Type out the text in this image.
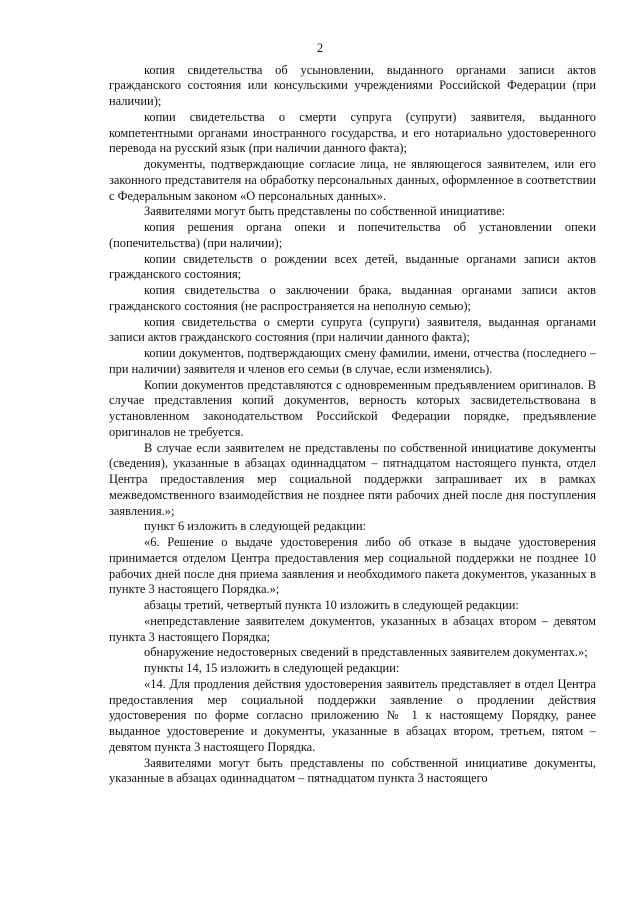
2

копия свидетельства об усыновлении, выданного органами записи актов гражданского состояния или консульскими учреждениями Российской Федерации (при наличии);

копии свидетельства о смерти супруга (супруги) заявителя, выданного компетентными органами иностранного государства, и его нотариально удостоверенного перевода на русский язык (при наличии данного факта);

документы, подтверждающие согласие лица, не являющегося заявителем, или его законного представителя на обработку персональных данных, оформленное в соответствии с Федеральным законом «О персональных данных».

Заявителями могут быть представлены по собственной инициативе:

копия решения органа опеки и попечительства об установлении опеки (попечительства) (при наличии);

копии свидетельств о рождении всех детей, выданные органами записи актов гражданского состояния;

копия свидетельства о заключении брака, выданная органами записи актов гражданского состояния (не распространяется на неполную семью);

копия свидетельства о смерти супруга (супруги) заявителя, выданная органами записи актов гражданского состояния (при наличии данного факта);

копии документов, подтверждающих смену фамилии, имени, отчества (последнего – при наличии) заявителя и членов его семьи (в случае, если изменялись).

Копии документов представляются с одновременным предъявлением оригиналов. В случае представления копий документов, верность которых засвидетельствована в установленном законодательством Российской Федерации порядке, предъявление оригиналов не требуется.

В случае если заявителем не представлены по собственной инициативе документы (сведения), указанные в абзацах одиннадцатом – пятнадцатом настоящего пункта, отдел Центра предоставления мер социальной поддержки запрашивает их в рамках межведомственного взаимодействия не позднее пяти рабочих дней после дня поступления заявления.»;

пункт 6 изложить в следующей редакции:

«6. Решение о выдаче удостоверения либо об отказе в выдаче удостоверения принимается отделом Центра предоставления мер социальной поддержки не позднее 10 рабочих дней после дня приема заявления и необходимого пакета документов, указанных в пункте 3 настоящего Порядка.»;

абзацы третий, четвертый пункта 10 изложить в следующей редакции:

«непредставление заявителем документов, указанных в абзацах втором – девятом пункта 3 настоящего Порядка;

обнаружение недостоверных сведений в представленных заявителем документах.»;

пункты 14, 15 изложить в следующей редакции:

«14. Для продления действия удостоверения заявитель представляет в отдел Центра предоставления мер социальной поддержки заявление о продлении действия удостоверения по форме согласно приложению № 1 к настоящему Порядку, ранее выданное удостоверение и документы, указанные в абзацах втором, третьем, пятом – девятом пункта 3 настоящего Порядка.

Заявителями могут быть представлены по собственной инициативе документы, указанные в абзацах одиннадцатом – пятнадцатом пункта 3 настоящего
